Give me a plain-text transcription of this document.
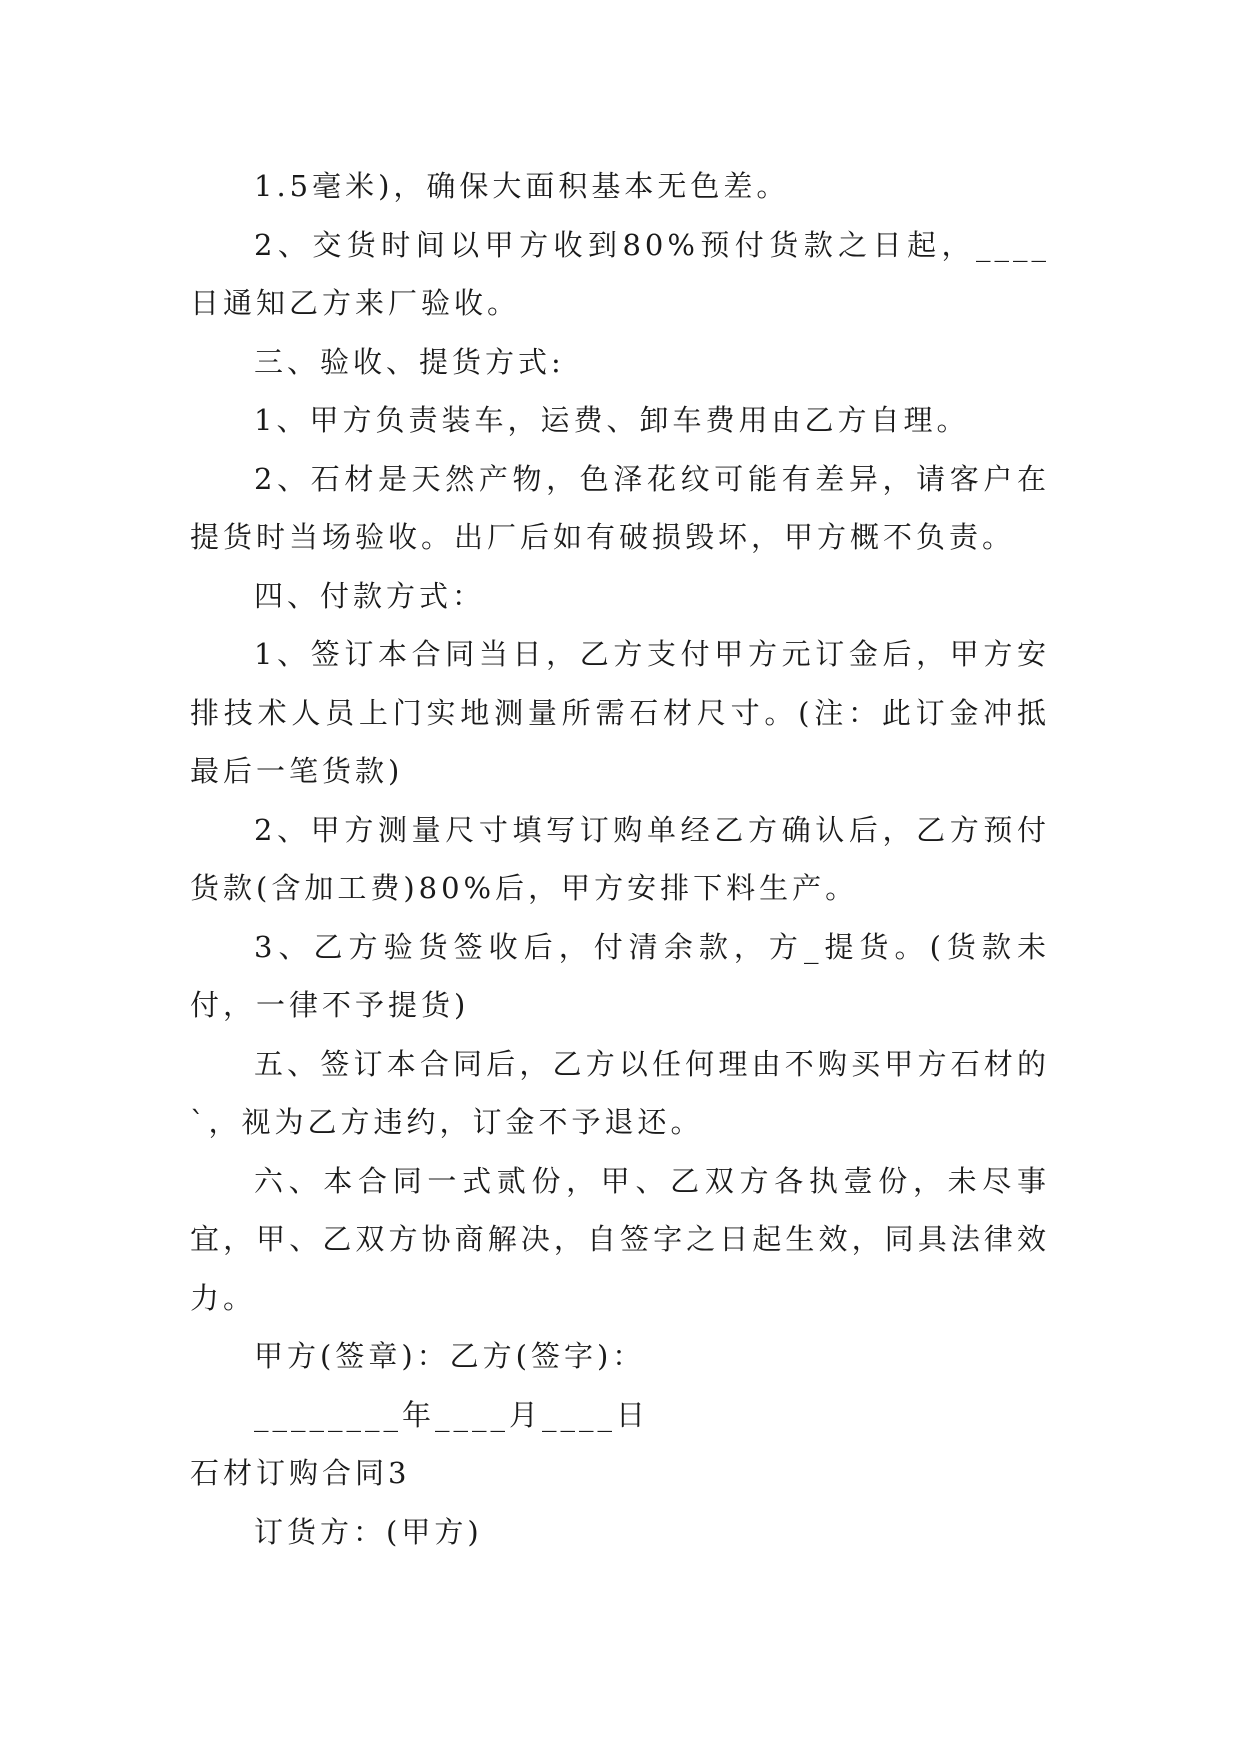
1.5毫米)，确保大面积基本无色差。

2、交货时间以甲方收到80%预付货款之日起，____日通知乙方来厂验收。

三、验收、提货方式:

1、甲方负责装车，运费、卸车费用由乙方自理。

2、石材是天然产物，色泽花纹可能有差异，请客户在提货时当场验收。出厂后如有破损毁坏，甲方概不负责。

四、付款方式：

1、签订本合同当日，乙方支付甲方元订金后，甲方安排技术人员上门实地测量所需石材尺寸。(注：此订金冲抵最后一笔货款)

2、甲方测量尺寸填写订购单经乙方确认后，乙方预付货款(含加工费)80%后，甲方安排下料生产。

3、乙方验货签收后，付清余款，方_提货。(货款未付，一律不予提货)

五、签订本合同后，乙方以任何理由不购买甲方石材的`，视为乙方违约，订金不予退还。

六、本合同一式贰份，甲、乙双方各执壹份，未尽事宜，甲、乙双方协商解决，自签字之日起生效，同具法律效力。

甲方(签章)：乙方(签字)：

________年____月____日

石材订购合同3

订货方：(甲方)
